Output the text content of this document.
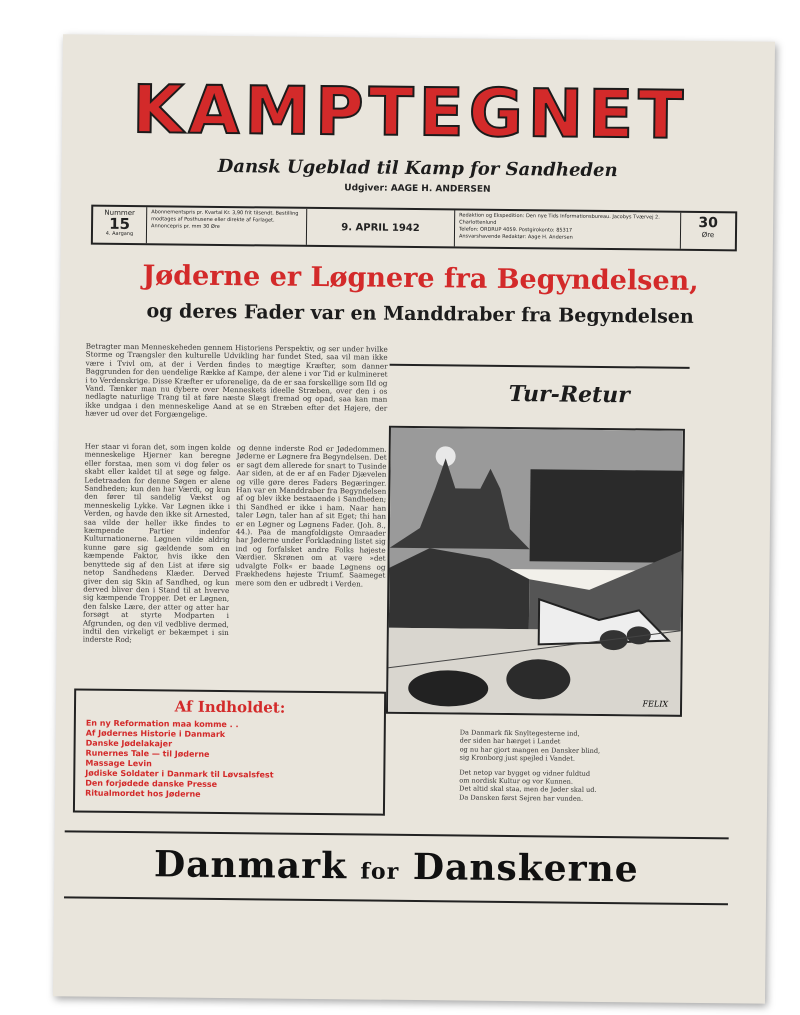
KAMPTEGNET
Dansk Ugeblad til Kamp for Sandheden
Udgiver: AAGE H. ANDERSEN
Nummer
15
4. Aargang
Abonnementspris pr. Kvartal Kr. 3,90 frit tilsendt. Bestilling modtages af Posthusene eller direkte af Forlaget. Annoncepris pr. mm 30 Øre	9. APRIL 1942
Redaktion og Ekspedition: Den nye Tids Informationsbureau. Jacobys Tværvej 2. Charlottenlund
Telefon: ORDRUP 4059. Postgirokonto: 85317
Ansvarshavende Redaktør: Aage H. Andersen
30
Øre
Jøderne er Løgnere fra Begyndelsen,
og deres Fader var en Manddraber fra Begyndelsen
Betragter man Menneskeheden gennem Historiens Perspektiv, og ser under hvilke Storme og Trængsler den kulturelle Udvikling har fundet Sted, saa vil man ikke være i Tvivl om, at der i Verden findes to mægtige Kræfter, som danner Baggrunden for den uendelige Række af Kampe, der alene i vor Tid er kulmineret i to Verdenskrige. Disse Kræfter er uforenelige, da de er saa forskellige som Ild og Vand. Tænker man nu dybere over Menneskets ideelle Stræben, over den i os nedlagte naturlige Trang til at føre næste Slægt fremad og opad, saa kan man ikke undgaa i den menneskelige Aand at se en Stræben efter det Højere, der hæver ud over det Forgængelige.
Her staar vi foran det, som ingen kolde menneskelige Hjerner kan beregne eller forstaa, men som vi dog føler os skabt eller kaldet til at søge og følge. Ledetraaden for denne Søgen er alene Sandheden; kun den har Værdi, og kun den fører til sandelig Vækst og menneskelig Lykke. Var Løgnen ikke i Verden, og havde den ikke sit Arnested, saa vilde der heller ikke findes to kæmpende Partier indenfor Kulturnationerne. Løgnen vilde aldrig kunne gøre sig gældende som en kæmpende Faktor, hvis ikke den benyttede sig af den List at iføre sig netop Sandhedens Klæder. Derved giver den sig Skin af Sandhed, og kun derved bliver den i Stand til at hverve sig kæmpende Tropper. Det er Løgnen, den falske Lære, der atter og atter har forsøgt at styrte Modparten i Afgrunden, og den vil vedblive dermed, indtil den virkeligt er bekæmpet i sin inderste Rod;
og denne inderste Rod er Jødedommen. Jøderne er Løgnere fra Begyndelsen. Det er sagt dem allerede for snart to Tusinde Aar siden, at de er af en Fader Djævelen og ville gøre deres Faders Begæringer. Han var en Manddraber fra Begyndelsen af og blev ikke bestaaende i Sandheden; thi Sandhed er ikke i ham. Naar han taler Løgn, taler han af sit Eget; thi han er en Løgner og Løgnens Fader. (Joh. 8., 44.). Paa de mangfoldigste Omraader har Jøderne under Forklædning listet sig ind og forfalsket andre Folks højeste Værdier. Skrønen om at være »det udvalgte Folk« er baade Løgnens og Frækhedens højeste Triumf. Saameget mere som den er udbredt i Verden.
Tur-Retur
FELIX
Da Danmark fik Snyltegesterne ind,
der siden har hærget i Landet
og nu har gjort mangen en Dansker blind,
sig Kronborg just spejled i Vandet.
Det netop var bygget og vidner fuldtud
om nordisk Kultur og vor Kunnen.
Det altid skal staa, men de Jøder skal ud.
Da Dansken først Sejren har vunden.
Af Indholdet:
En ny Reformation maa komme . .
Af Jødernes Historie i Danmark
Danske Jødelakajer
Runernes Tale — til Jøderne
Massage Levin
Jødiske Soldater i Danmark til Løvsalsfest
Den forjødede danske Presse
Ritualmordet hos Jøderne
Danmark for Danskerne
